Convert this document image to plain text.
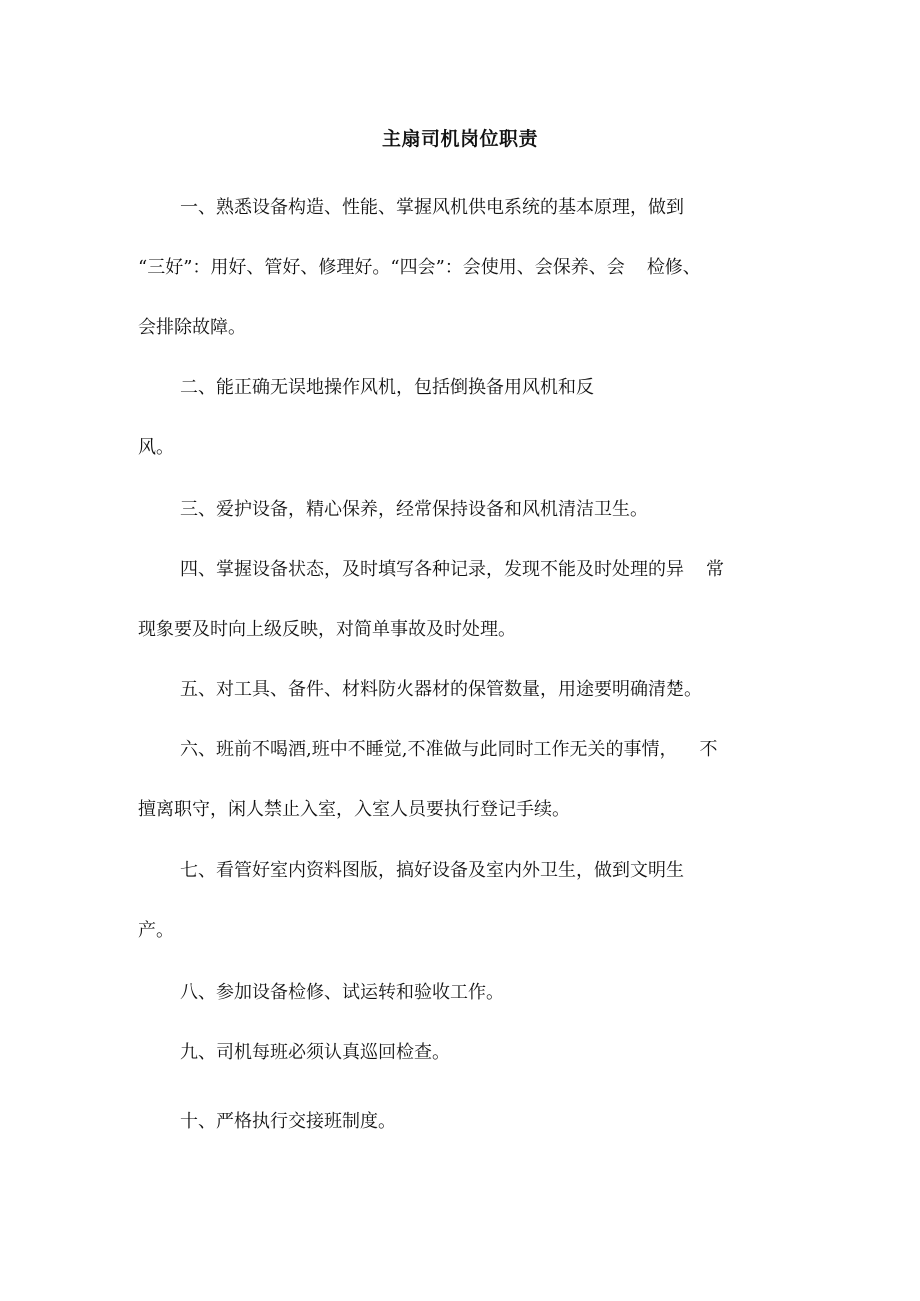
主扇司机岗位职责
一、熟悉设备构造、性能、掌握风机供电系统的基本原理，做到
“三好”：用好、管好、修理好。“四会”：会使用、会保养、会 检修、
会排除故障。
二、能正确无误地操作风机，包括倒换备用风机和反
风。
三、爱护设备，精心保养，经常保持设备和风机清洁卫生。
四、掌握设备状态，及时填写各种记录，发现不能及时处理的异 常
现象要及时向上级反映，对简单事故及时处理。
五、对工具、备件、材料防火器材的保管数量，用途要明确清楚。
六、班前不喝酒,班中不睡觉,不准做与此同时工作无关的事情， 不
擅离职守，闲人禁止入室，入室人员要执行登记手续。
七、看管好室内资料图版，搞好设备及室内外卫生，做到文明生
产。
八、参加设备检修、试运转和验收工作。
九、司机每班必须认真巡回检查。
十、严格执行交接班制度。
